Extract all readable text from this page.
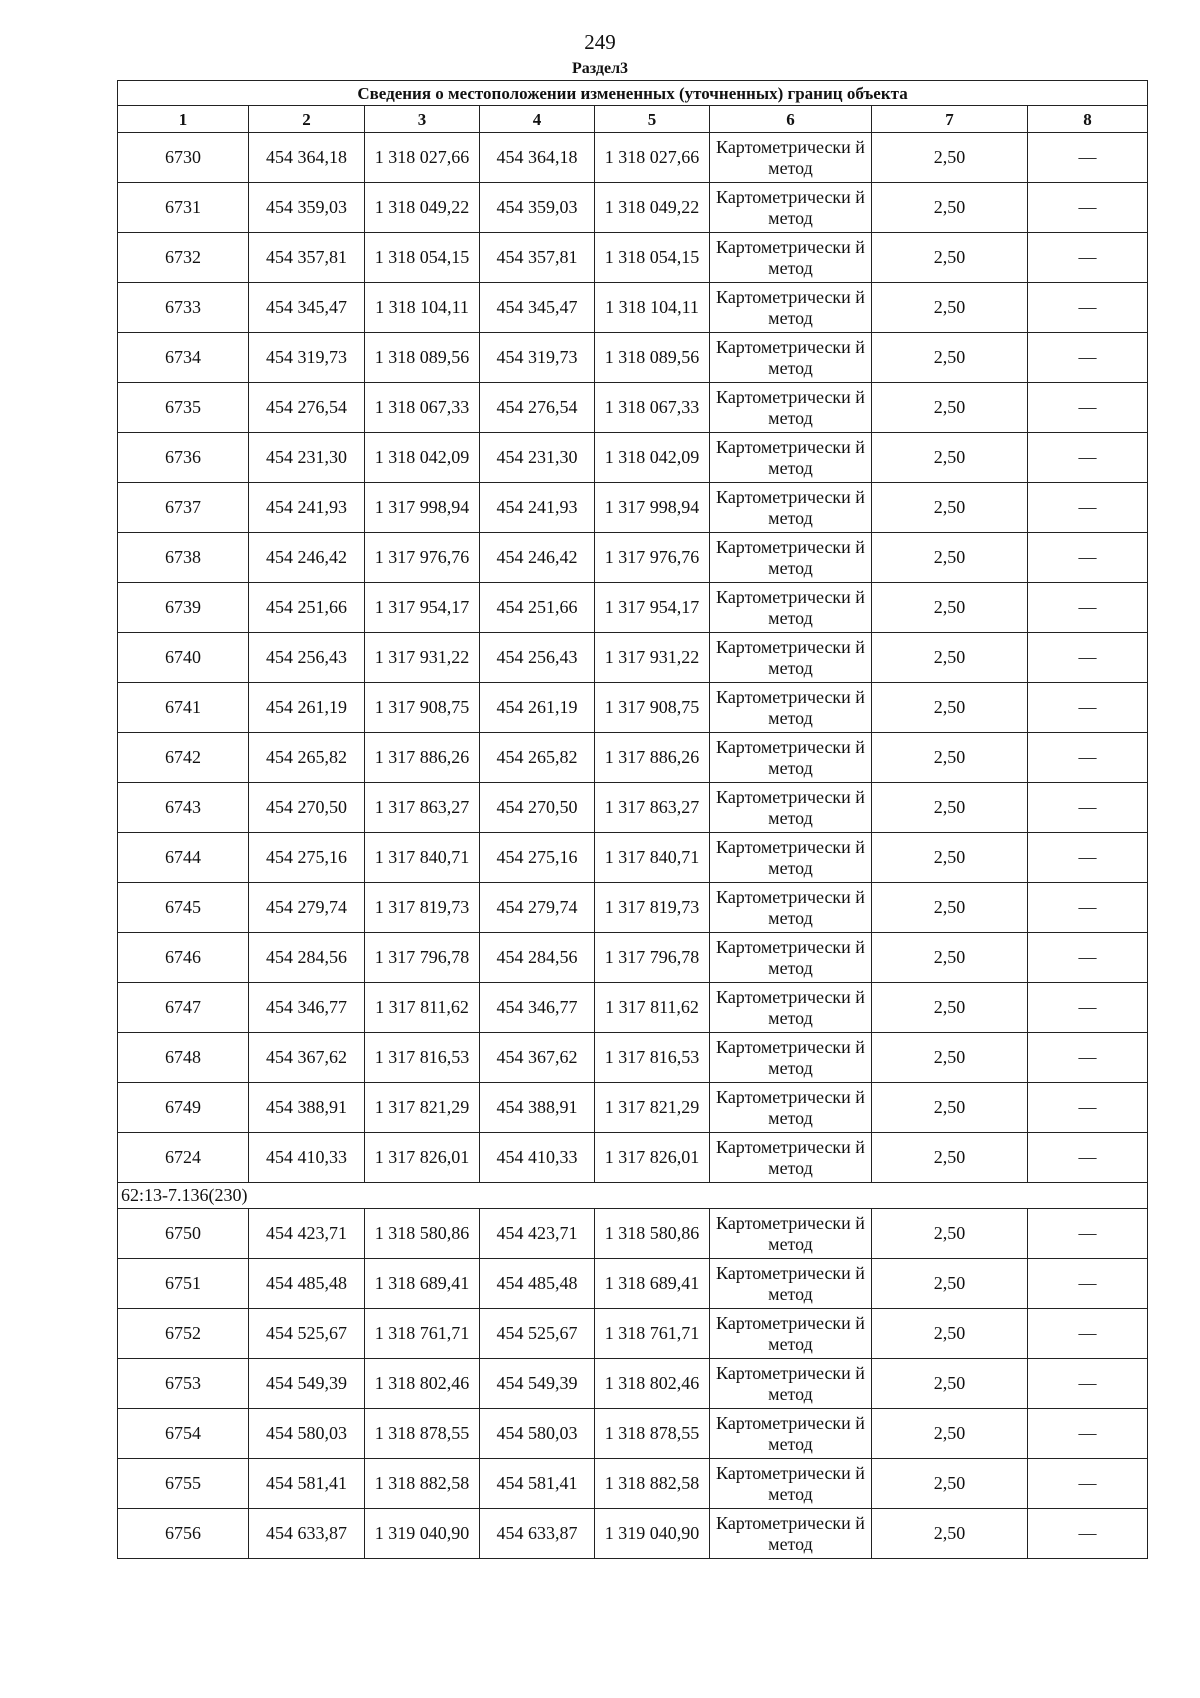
249
Раздел3
Сведения о местоположении измененных (уточненных) границ объекта							
1	2	3	4	5	6	7	8
6730	454 364,18	1 318 027,66	454 364,18	1 318 027,66	Картометрически й метод	2,50	—
6731	454 359,03	1 318 049,22	454 359,03	1 318 049,22	Картометрически й метод	2,50	—
6732	454 357,81	1 318 054,15	454 357,81	1 318 054,15	Картометрически й метод	2,50	—
6733	454 345,47	1 318 104,11	454 345,47	1 318 104,11	Картометрически й метод	2,50	—
6734	454 319,73	1 318 089,56	454 319,73	1 318 089,56	Картометрически й метод	2,50	—
6735	454 276,54	1 318 067,33	454 276,54	1 318 067,33	Картометрически й метод	2,50	—
6736	454 231,30	1 318 042,09	454 231,30	1 318 042,09	Картометрически й метод	2,50	—
6737	454 241,93	1 317 998,94	454 241,93	1 317 998,94	Картометрически й метод	2,50	—
6738	454 246,42	1 317 976,76	454 246,42	1 317 976,76	Картометрически й метод	2,50	—
6739	454 251,66	1 317 954,17	454 251,66	1 317 954,17	Картометрически й метод	2,50	—
6740	454 256,43	1 317 931,22	454 256,43	1 317 931,22	Картометрически й метод	2,50	—
6741	454 261,19	1 317 908,75	454 261,19	1 317 908,75	Картометрически й метод	2,50	—
6742	454 265,82	1 317 886,26	454 265,82	1 317 886,26	Картометрически й метод	2,50	—
6743	454 270,50	1 317 863,27	454 270,50	1 317 863,27	Картометрически й метод	2,50	—
6744	454 275,16	1 317 840,71	454 275,16	1 317 840,71	Картометрически й метод	2,50	—
6745	454 279,74	1 317 819,73	454 279,74	1 317 819,73	Картометрически й метод	2,50	—
6746	454 284,56	1 317 796,78	454 284,56	1 317 796,78	Картометрически й метод	2,50	—
6747	454 346,77	1 317 811,62	454 346,77	1 317 811,62	Картометрически й метод	2,50	—
6748	454 367,62	1 317 816,53	454 367,62	1 317 816,53	Картометрически й метод	2,50	—
6749	454 388,91	1 317 821,29	454 388,91	1 317 821,29	Картометрически й метод	2,50	—
6724	454 410,33	1 317 826,01	454 410,33	1 317 826,01	Картометрически й метод	2,50	—
62:13-7.136(230)							
6750	454 423,71	1 318 580,86	454 423,71	1 318 580,86	Картометрически й метод	2,50	—
6751	454 485,48	1 318 689,41	454 485,48	1 318 689,41	Картометрически й метод	2,50	—
6752	454 525,67	1 318 761,71	454 525,67	1 318 761,71	Картометрически й метод	2,50	—
6753	454 549,39	1 318 802,46	454 549,39	1 318 802,46	Картометрически й метод	2,50	—
6754	454 580,03	1 318 878,55	454 580,03	1 318 878,55	Картометрически й метод	2,50	—
6755	454 581,41	1 318 882,58	454 581,41	1 318 882,58	Картометрически й метод	2,50	—
6756	454 633,87	1 319 040,90	454 633,87	1 319 040,90	Картометрически й метод	2,50	—
